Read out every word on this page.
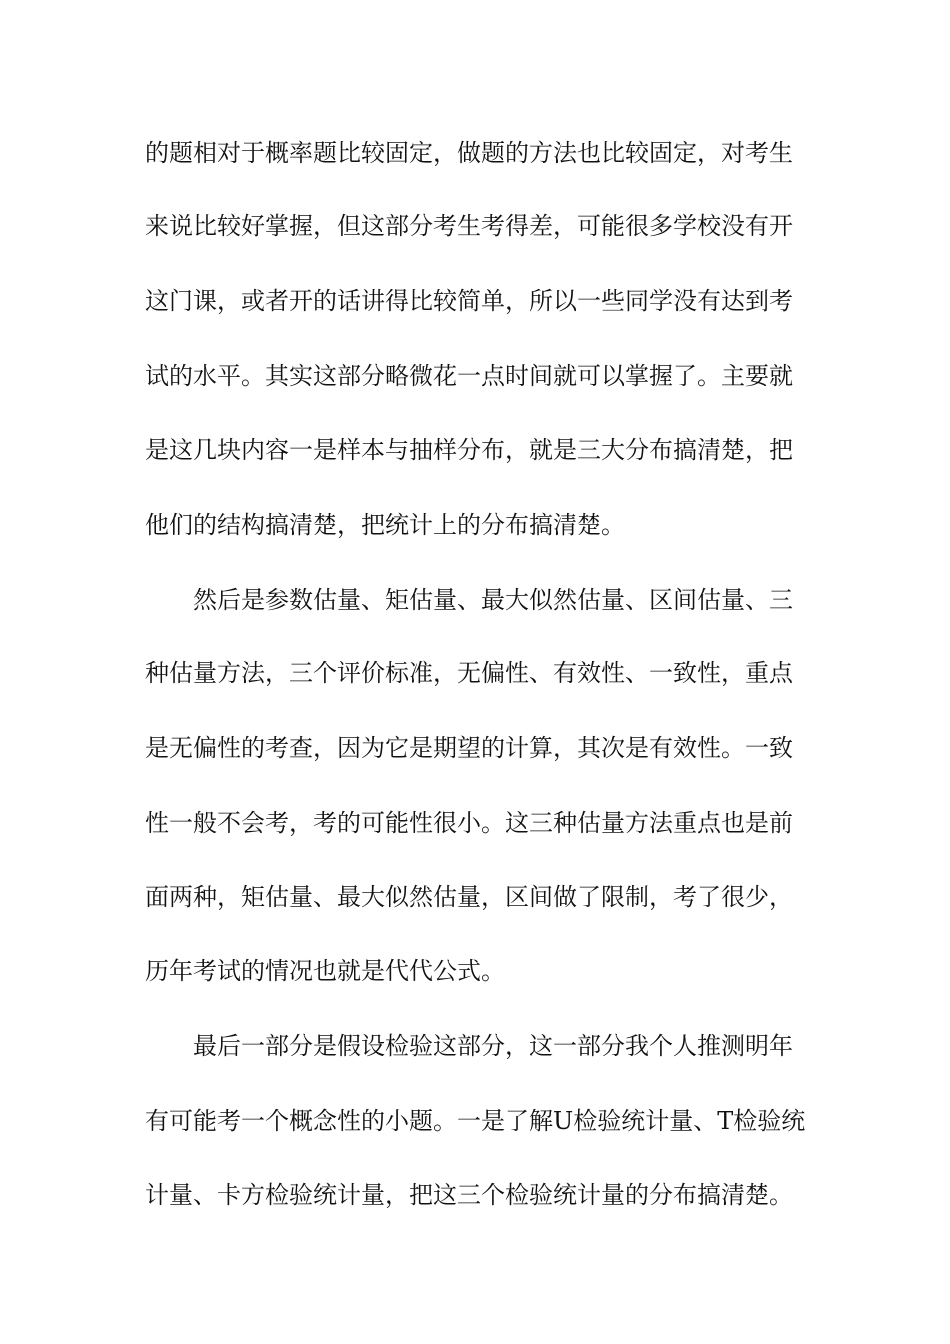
的题相对于概率题比较固定，做题的方法也比较固定，对考生
来说比较好掌握，但这部分考生考得差，可能很多学校没有开
这门课，或者开的话讲得比较简单，所以一些同学没有达到考
试的水平。其实这部分略微花一点时间就可以掌握了。主要就
是这几块内容一是样本与抽样分布，就是三大分布搞清楚，把
他们的结构搞清楚，把统计上的分布搞清楚。
然后是参数估量、矩估量、最大似然估量、区间估量、三
种估量方法，三个评价标准，无偏性、有效性、一致性，重点
是无偏性的考查，因为它是期望的计算，其次是有效性。一致
性一般不会考，考的可能性很小。这三种估量方法重点也是前
面两种，矩估量、最大似然估量，区间做了限制，考了很少，
历年考试的情况也就是代代公式。
最后一部分是假设检验这部分，这一部分我个人推测明年
有可能考一个概念性的小题。一是了解U检验统计量、T检验统
计量、卡方检验统计量，把这三个检验统计量的分布搞清楚。
